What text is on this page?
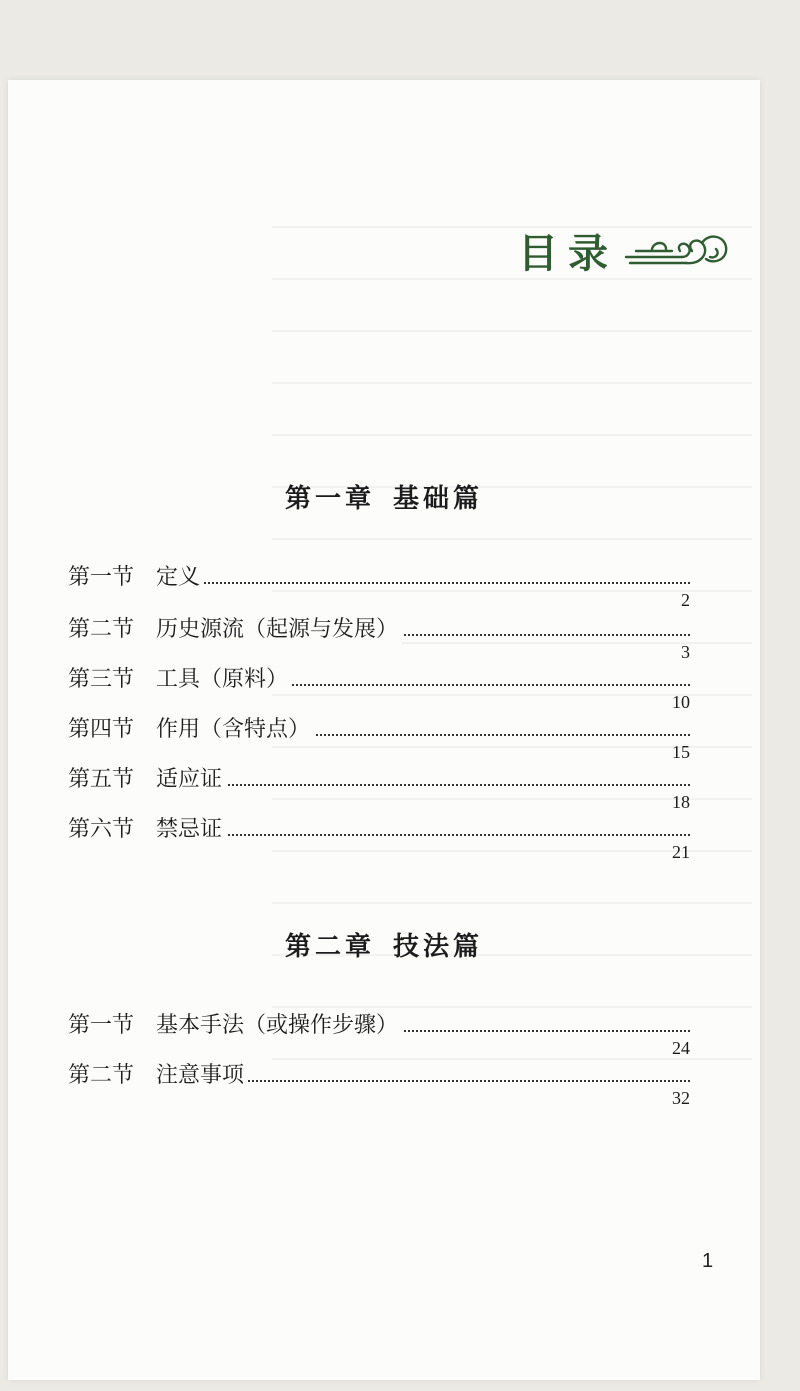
目录
第一章 基础篇
第一节 定义
2
第二节 历史源流（起源与发展）
3
第三节 工具（原料）
10
第四节 作用（含特点）
15
第五节 适应证
18
第六节 禁忌证
21
第二章 技法篇
第一节 基本手法（或操作步骤）
24
第二节 注意事项
32
1
